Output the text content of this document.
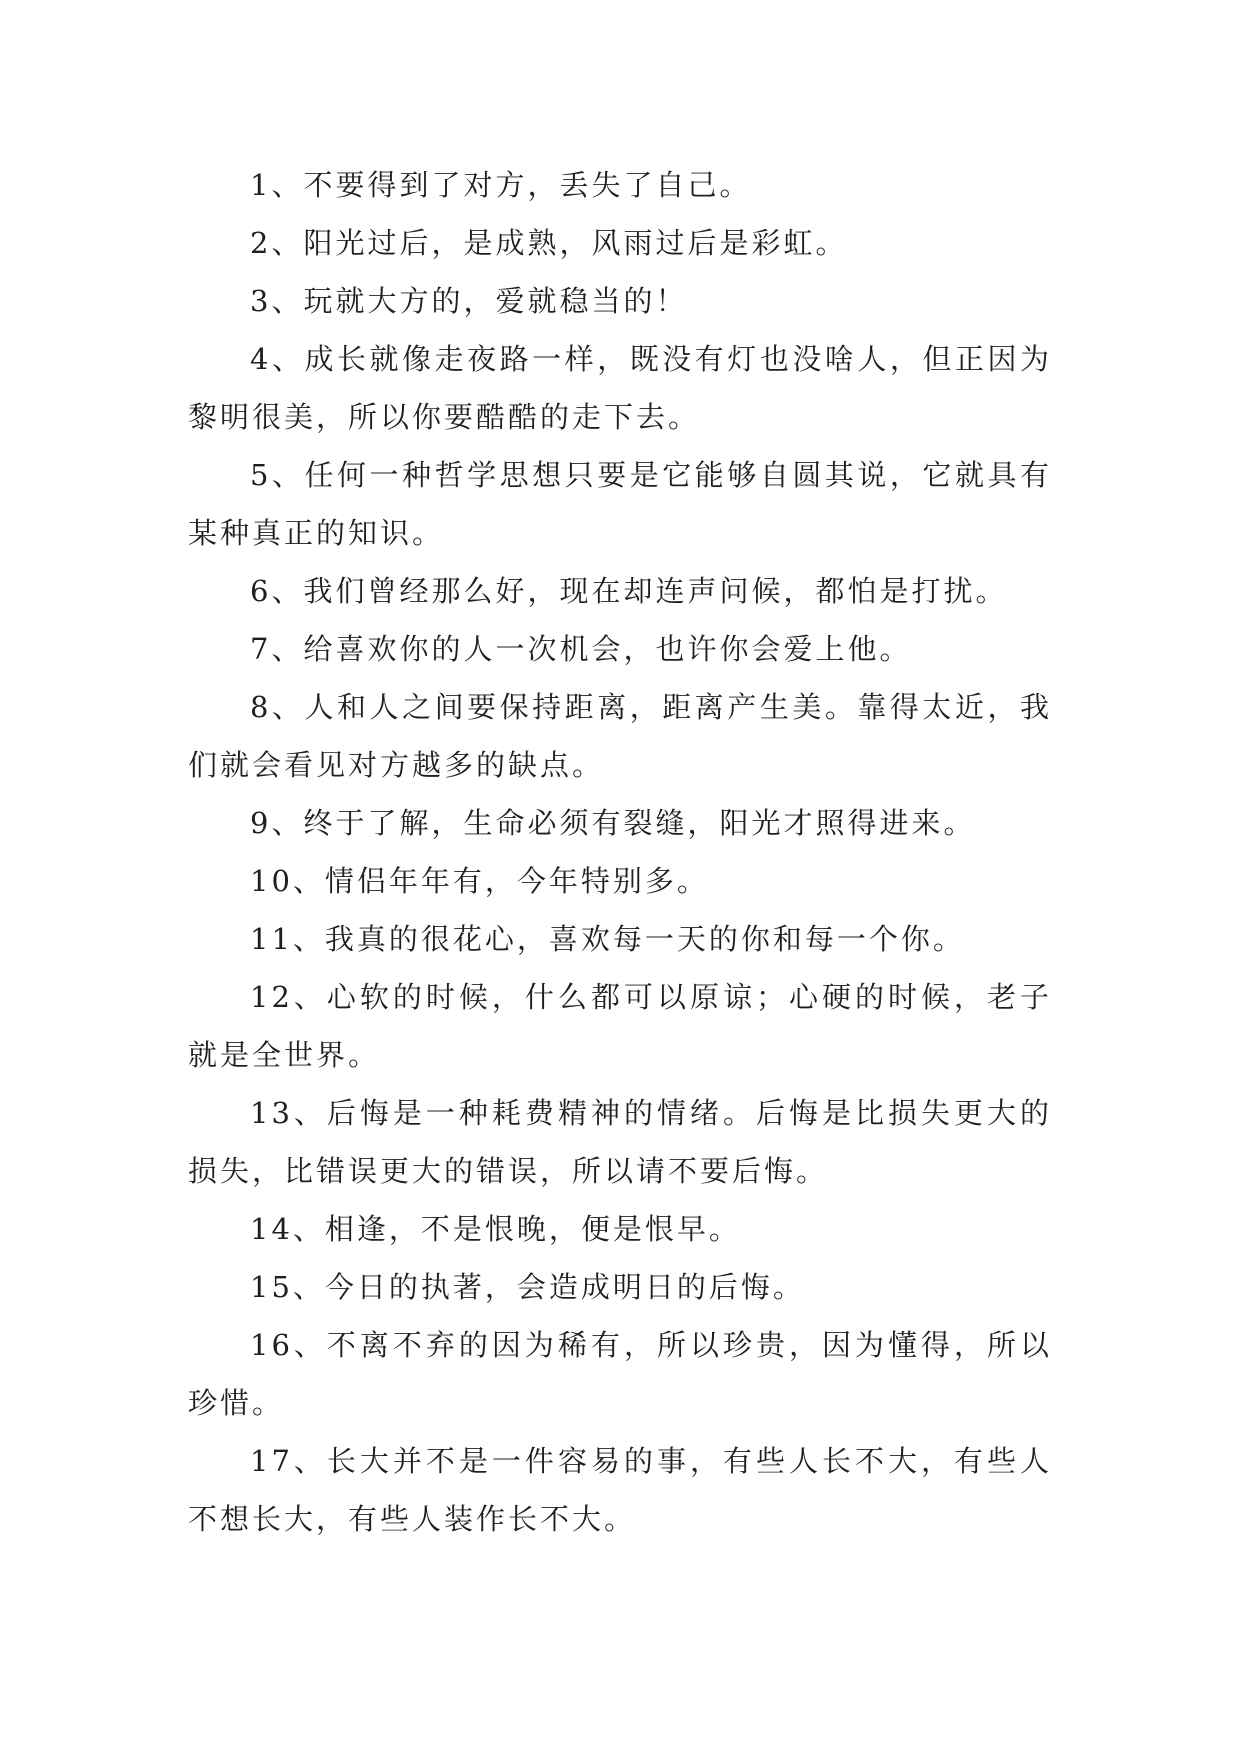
1、不要得到了对方，丢失了自己。

2、阳光过后，是成熟，风雨过后是彩虹。

3、玩就大方的，爱就稳当的！

4、成长就像走夜路一样，既没有灯也没啥人，但正因为黎明很美，所以你要酷酷的走下去。

5、任何一种哲学思想只要是它能够自圆其说，它就具有某种真正的知识。

6、我们曾经那么好，现在却连声问候，都怕是打扰。

7、给喜欢你的人一次机会，也许你会爱上他。

8、人和人之间要保持距离，距离产生美。靠得太近，我们就会看见对方越多的缺点。

9、终于了解，生命必须有裂缝，阳光才照得进来。

10、情侣年年有，今年特别多。

11、我真的很花心，喜欢每一天的你和每一个你。

12、心软的时候，什么都可以原谅；心硬的时候，老子就是全世界。

13、后悔是一种耗费精神的情绪。后悔是比损失更大的损失，比错误更大的错误，所以请不要后悔。

14、相逢，不是恨晚，便是恨早。

15、今日的执著，会造成明日的后悔。

16、不离不弃的因为稀有，所以珍贵，因为懂得，所以珍惜。

17、长大并不是一件容易的事，有些人长不大，有些人不想长大，有些人装作长不大。
